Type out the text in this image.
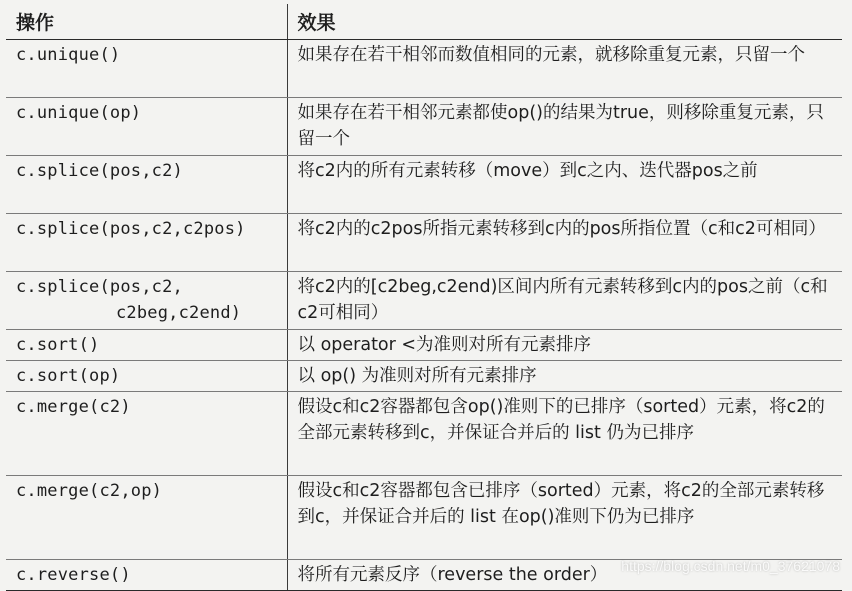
操作	效果

c.unique()	如果存在若干相邻而数值相同的元素，就移除重复元素，只留一个

c.unique(op)	如果存在若干相邻元素都使op()的结果为true，则移除重复元素，只留一个

c.splice(pos,c2)	将c2内的所有元素转移（move）到c之内、迭代器pos之前

c.splice(pos,c2,c2pos)	将c2内的c2pos所指元素转移到c内的pos所指位置（c和c2可相同）

c.splice(pos,c2,
c2beg,c2end)	将c2内的[c2beg,c2end)区间内所有元素转移到c内的pos之前（c和c2可相同）

c.sort()	以 operator <为准则对所有元素排序

c.sort(op)	以 op() 为准则对所有元素排序

c.merge(c2)	假设c和c2容器都包含op()准则下的已排序（sorted）元素，将c2的全部元素转移到c，并保证合并后的 list 仍为已排序

c.merge(c2,op)	假设c和c2容器都包含已排序（sorted）元素，将c2的全部元素转移到c，并保证合并后的 list 在op()准则下仍为已排序

c.reverse()	将所有元素反序（reverse the order） https://blog.csdn.net/m0_37621078
